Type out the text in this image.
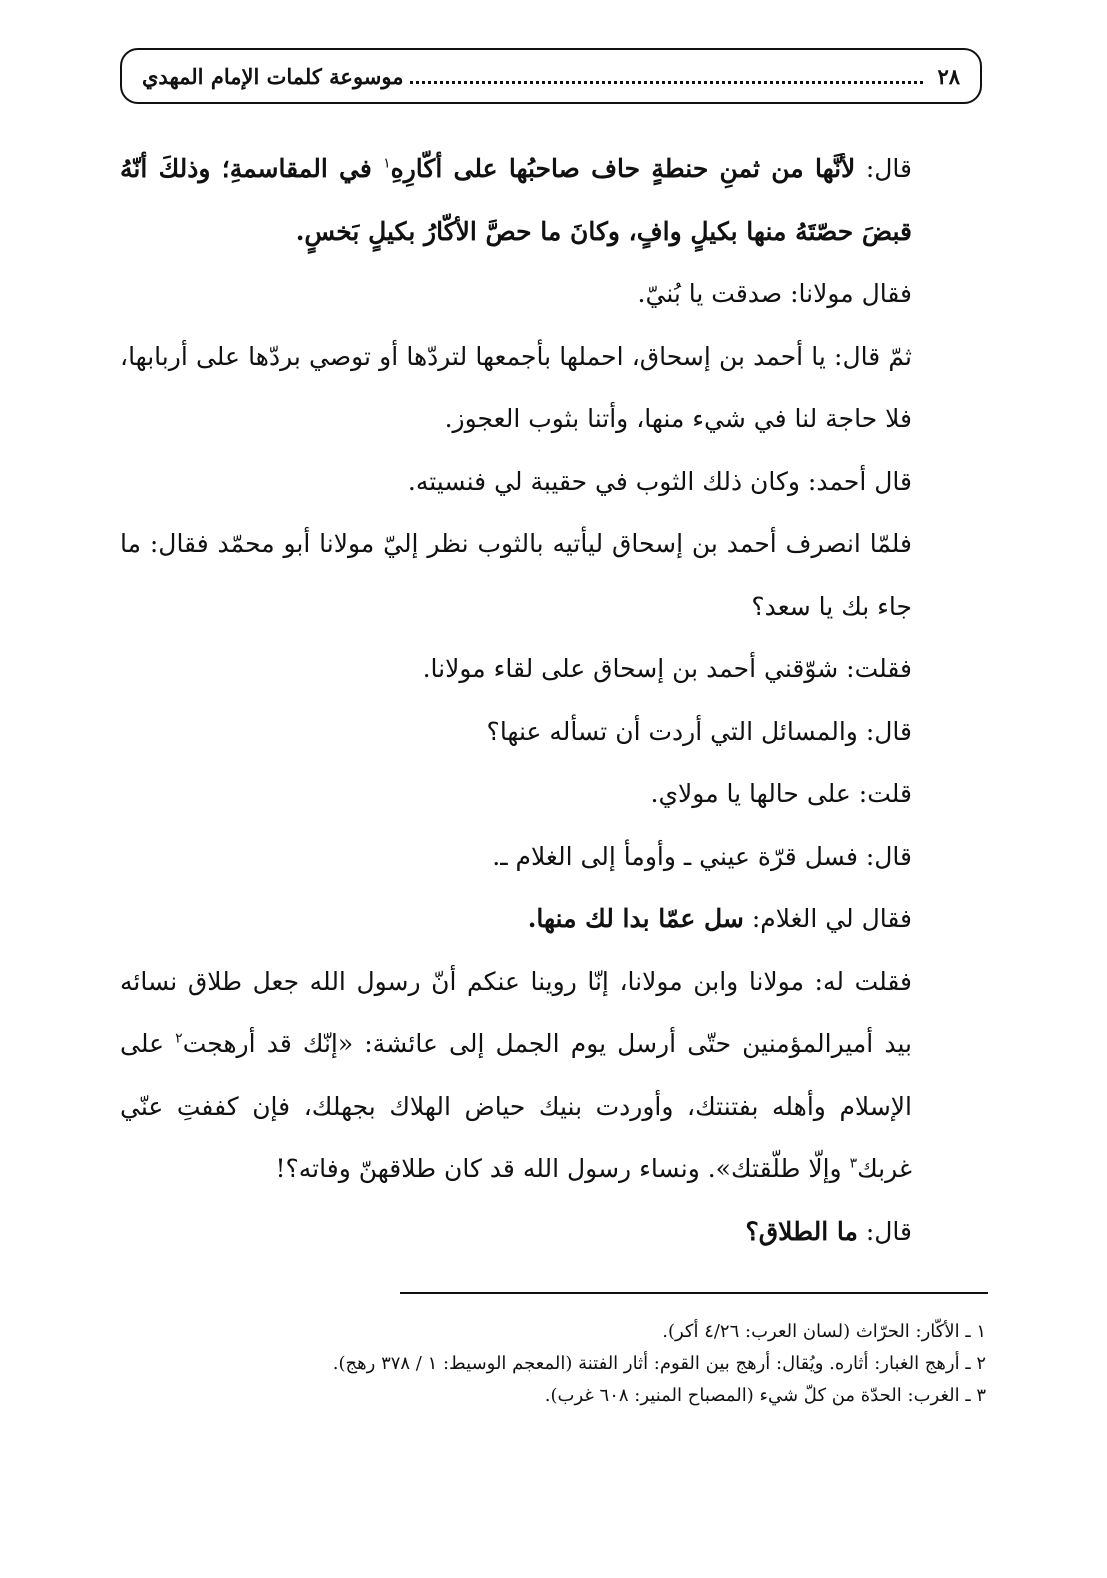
٢٨
موسوعة كلمات الإمام المهدي

قال: لأنَّها من ثمنِ حنطةٍ حاف صاحبُها على أكّارِهِ$^١$ في المقاسمةِ؛ وذلكَ أنّهُ قبضَ حصّتَهُ منها بكيلٍ وافٍ، وكانَ ما حصَّ الأكّارُ بكيلٍ بَخسٍ.

فقال مولانا: صدقت يا بُنيّ.

ثمّ قال: يا أحمد بن إسحاق، احملها بأجمعها لتردّها أو توصي بردّها على أربابها، فلا حاجة لنا في شيء منها، وأتنا بثوب العجوز.

قال أحمد: وكان ذلك الثوب في حقيبة لي فنسيته.

فلمّا انصرف أحمد بن إسحاق ليأتيه بالثوب نظر إليّ مولانا أبو محمّد فقال: ما جاء بك يا سعد؟

فقلت: شوّقني أحمد بن إسحاق على لقاء مولانا.

قال: والمسائل التي أردت أن تسأله عنها؟

قلت: على حالها يا مولاي.

قال: فسل قرّة عيني ـ وأومأ إلى الغلام ـ.

فقال لي الغلام: سل عمّا بدا لك منها.

فقلت له: مولانا وابن مولانا، إنّا روينا عنكم أنّ رسول الله جعل طلاق نسائه بيد أميرالمؤمنين حتّى أرسل يوم الجمل إلى عائشة: «إنّك قد أرهجت$^٢$ على الإسلام وأهله بفتنتك، وأوردت بنيك حياض الهلاك بجهلك، فإن كففتِ عنّي غربك$^٣$ وإلّا طلّقتك». ونساء رسول الله قد كان طلاقهنّ وفاته؟!

قال: ما الطلاق؟

١ ـ الأكّار: الحرّاث (لسان العرب: ٤/٢٦ أكر).
٢ ـ أرهج الغبار: أثاره. ويُقال: أرهج بين القوم: أثار الفتنة (المعجم الوسيط: ١ / ٣٧٨ رهج).
٣ ـ الغرب: الحدّة من كلّ شيء (المصباح المنير: ٦٠٨ غرب).
